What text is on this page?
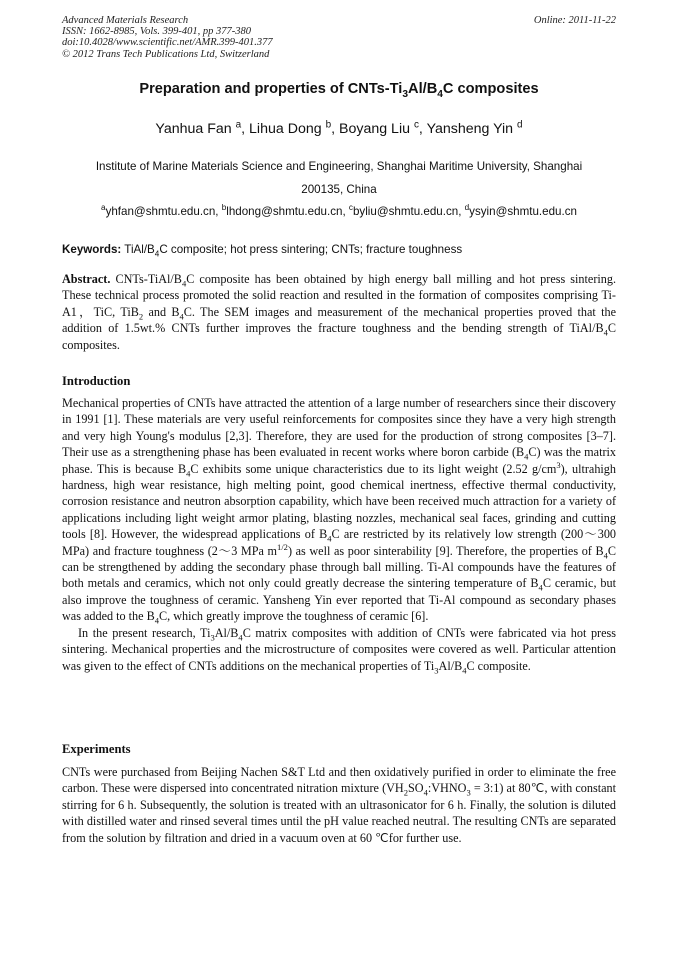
Advanced Materials Research
ISSN: 1662-8985, Vols. 399-401, pp 377-380
doi:10.4028/www.scientific.net/AMR.399-401.377
© 2012 Trans Tech Publications Ltd, Switzerland
Online: 2011-11-22
Preparation and properties of CNTs-$Ti_3Al/B_4C$ composites
Yanhua Fan $^a$, Lihua Dong $^b$, Boyang Liu $^c$, Yansheng Yin $^d$
Institute of Marine Materials Science and Engineering, Shanghai Maritime University, Shanghai
200135, China
$^a$yhfan@shmtu.edu.cn, $^b$lhdong@shmtu.edu.cn, $^c$byliu@shmtu.edu.cn, $^d$ysyin@shmtu.edu.cn
Keywords: TiAl/$B_4C$ composite; hot press sintering; CNTs; fracture toughness
Abstract. CNTs-$TiAl/B_4C$ composite has been obtained by high energy ball milling and hot press sintering. These technical process promoted the solid reaction and resulted in the formation of composites comprising Ti-A1，TiC, TiB$_2$ and $B_4C$. The SEM images and measurement of the mechanical properties proved that the addition of 1.5wt.% CNTs further improves the fracture toughness and the bending strength of TiAl/$B_4C$ composites.
Introduction

Mechanical properties of CNTs have attracted the attention of a large number of researchers since their discovery in 1991 [1]. These materials are very useful reinforcements for composites since they have a very high strength and very high Young's modulus [2,3]. Therefore, they are used for the production of strong composites [3–7]. Their use as a strengthening phase has been evaluated in recent works where boron carbide $(B_4C)$ was the matrix phase. This is because $B_4C$ exhibits some unique characteristics due to its light weight (2.52 $g/cm^3$), ultrahigh hardness, high wear resistance, high melting point, good chemical inertness, effective thermal conductivity, corrosion resistance and neutron absorption capability, which have been received much attraction for a variety of applications including light weight armor plating, blasting nozzles, mechanical seal faces, grinding and cutting tools [8]. However, the widespread applications of $B_4C$ are restricted by its relatively low strength (200～300 MPa) and fracture toughness (2～3 MPa $m^{1/2}$) as well as poor sinterability [9]. Therefore, the properties of $B_4C$ can be strengthened by adding the secondary phase through ball milling. Ti-Al compounds have the features of both metals and ceramics, which not only could greatly decrease the sintering temperature of $B_4C$ ceramic, but also improve the toughness of ceramic. Yansheng Yin ever reported that Ti-Al compound as secondary phases was added to the $B_4C$, which greatly improve the toughness of ceramic [6].

In the present research, $Ti_3Al/B_4C$ matrix composites with addition of CNTs were fabricated via hot press sintering. Mechanical properties and the microstructure of composites were covered as well. Particular attention was given to the effect of CNTs additions on the mechanical properties of $Ti_3Al/B_4C$ composite.

Experiments
CNTs were purchased from Beijing Nachen S&T Ltd and then oxidatively purified in order to eliminate the free carbon. These were dispersed into concentrated nitration mixture ($VH_2SO_4:VHNO_3$ = 3:1) at 80℃, with constant stirring for 6 h. Subsequently, the solution is treated with an ultrasonicator for 6 h. Finally, the solution is diluted with distilled water and rinsed several times until the pH value reached neutral. The resulting CNTs are separated from the solution by filtration and dried in a vacuum oven at 60 ℃for further use.
